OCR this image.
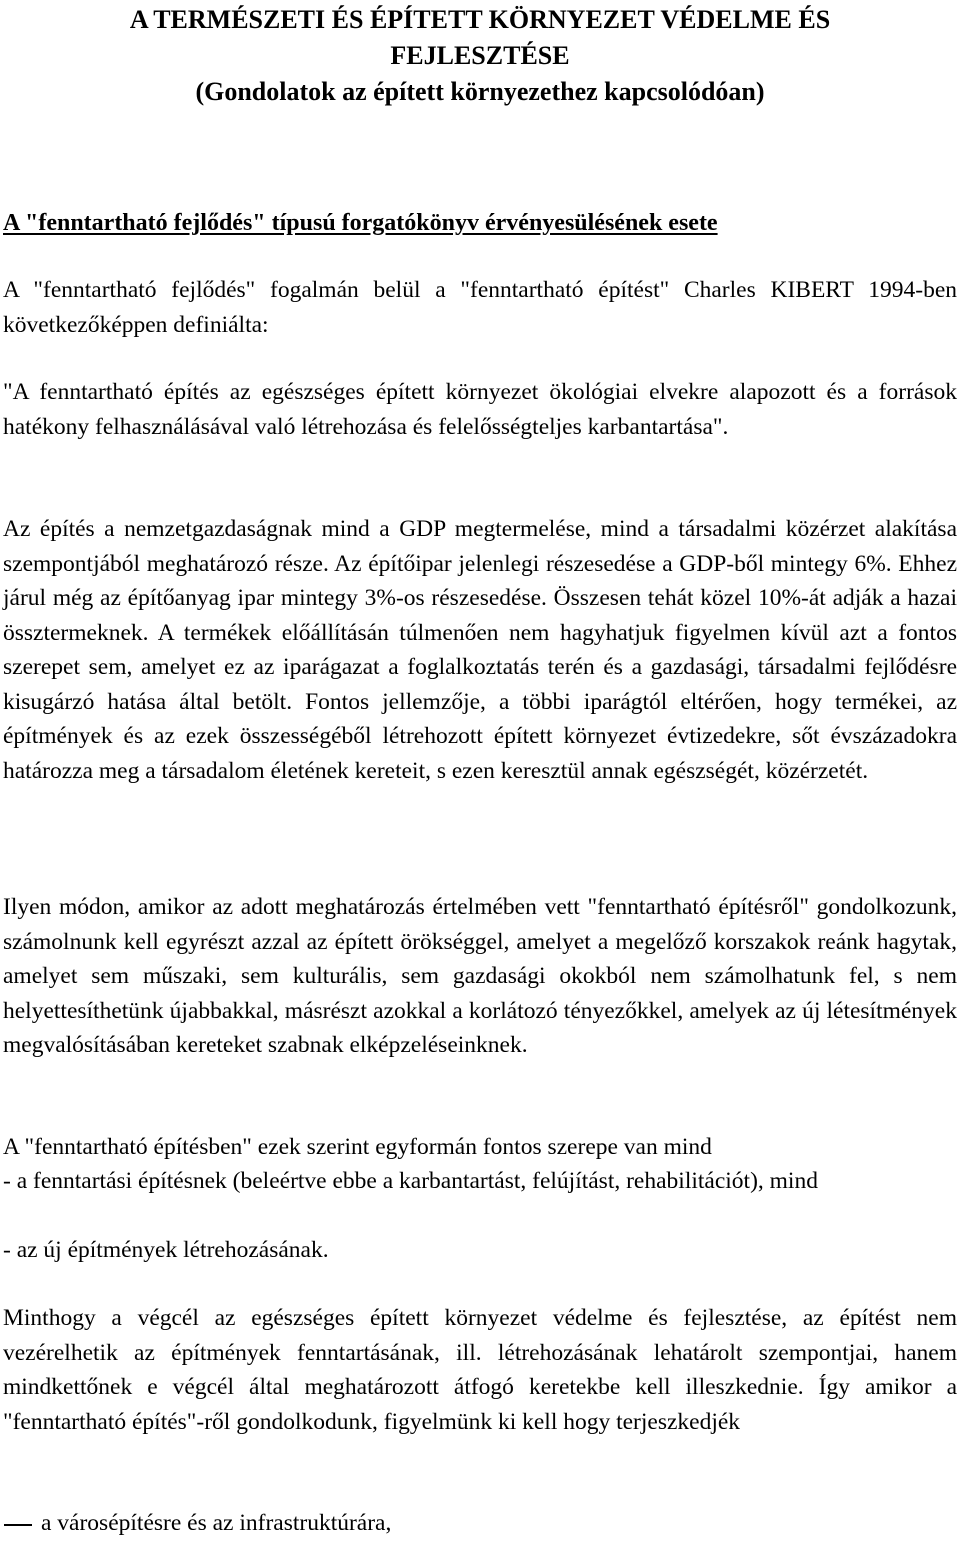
A TERMÉSZETI ÉS ÉPÍTETT KÖRNYEZET VÉDELME ÉS
FEJLESZTÉSE
(Gondolatok az épített környezethez kapcsolódóan)
A "fenntartható fejlődés" típusú forgatókönyv érvényesülésének esete

A "fenntartható fejlődés" fogalmán belül a "fenntartható építést" Charles KIBERT 1994-ben következőképpen definiálta:

"A fenntartható építés az egészséges épített környezet ökológiai elvekre alapozott és a források hatékony felhasználásával való létrehozása és felelősségteljes karbantartása".

Az építés a nemzetgazdaságnak mind a GDP megtermelése, mind a társadalmi közérzet alakítása szempontjából meghatározó része. Az építőipar jelenlegi részesedése a GDP-ből mintegy 6%. Ehhez járul még az építőanyag ipar mintegy 3%-os részesedése. Összesen tehát közel 10%-át adják a hazai össztermeknek. A termékek előállításán túlmenően nem hagyhatjuk figyelmen kívül azt a fontos szerepet sem, amelyet ez az iparágazat a foglalkoztatás terén és a gazdasági, társadalmi fejlődésre kisugárzó hatása által betölt. Fontos jellemzője, a többi iparágtól eltérően, hogy termékei, az építmények és az ezek összességéből létrehozott épített környezet évtizedekre, sőt évszázadokra határozza meg a társadalom életének kereteit, s ezen keresztül annak egészségét, közérzetét.

Ilyen módon, amikor az adott meghatározás értelmében vett "fenntartható építésről" gondolkozunk, számolnunk kell egyrészt azzal az épített örökséggel, amelyet a megelőző korszakok reánk hagytak, amelyet sem műszaki, sem kulturális, sem gazdasági okokból nem számolhatunk fel, s nem helyettesíthetünk újabbakkal, másrészt azokkal a korlátozó tényezőkkel, amelyek az új létesítmények megvalósításában kereteket szabnak elképzeléseinknek.

A "fenntartható építésben" ezek szerint egyformán fontos szerepe van mind

- a fenntartási építésnek (beleértve ebbe a karbantartást, felújítást, rehabilitációt), mind

- az új építmények létrehozásának.

Minthogy a végcél az egészséges épített környezet védelme és fejlesztése, az építést nem vezérelhetik az építmények fenntartásának, ill. létrehozásának lehatárolt szempontjai, hanem mindkettőnek e végcél által meghatározott átfogó keretekbe kell illeszkednie. Így amikor a "fenntartható építés"-ről gondolkodunk, figyelmünk ki kell hogy terjeszkedjék

a városépítésre és az infrastruktúrára,
